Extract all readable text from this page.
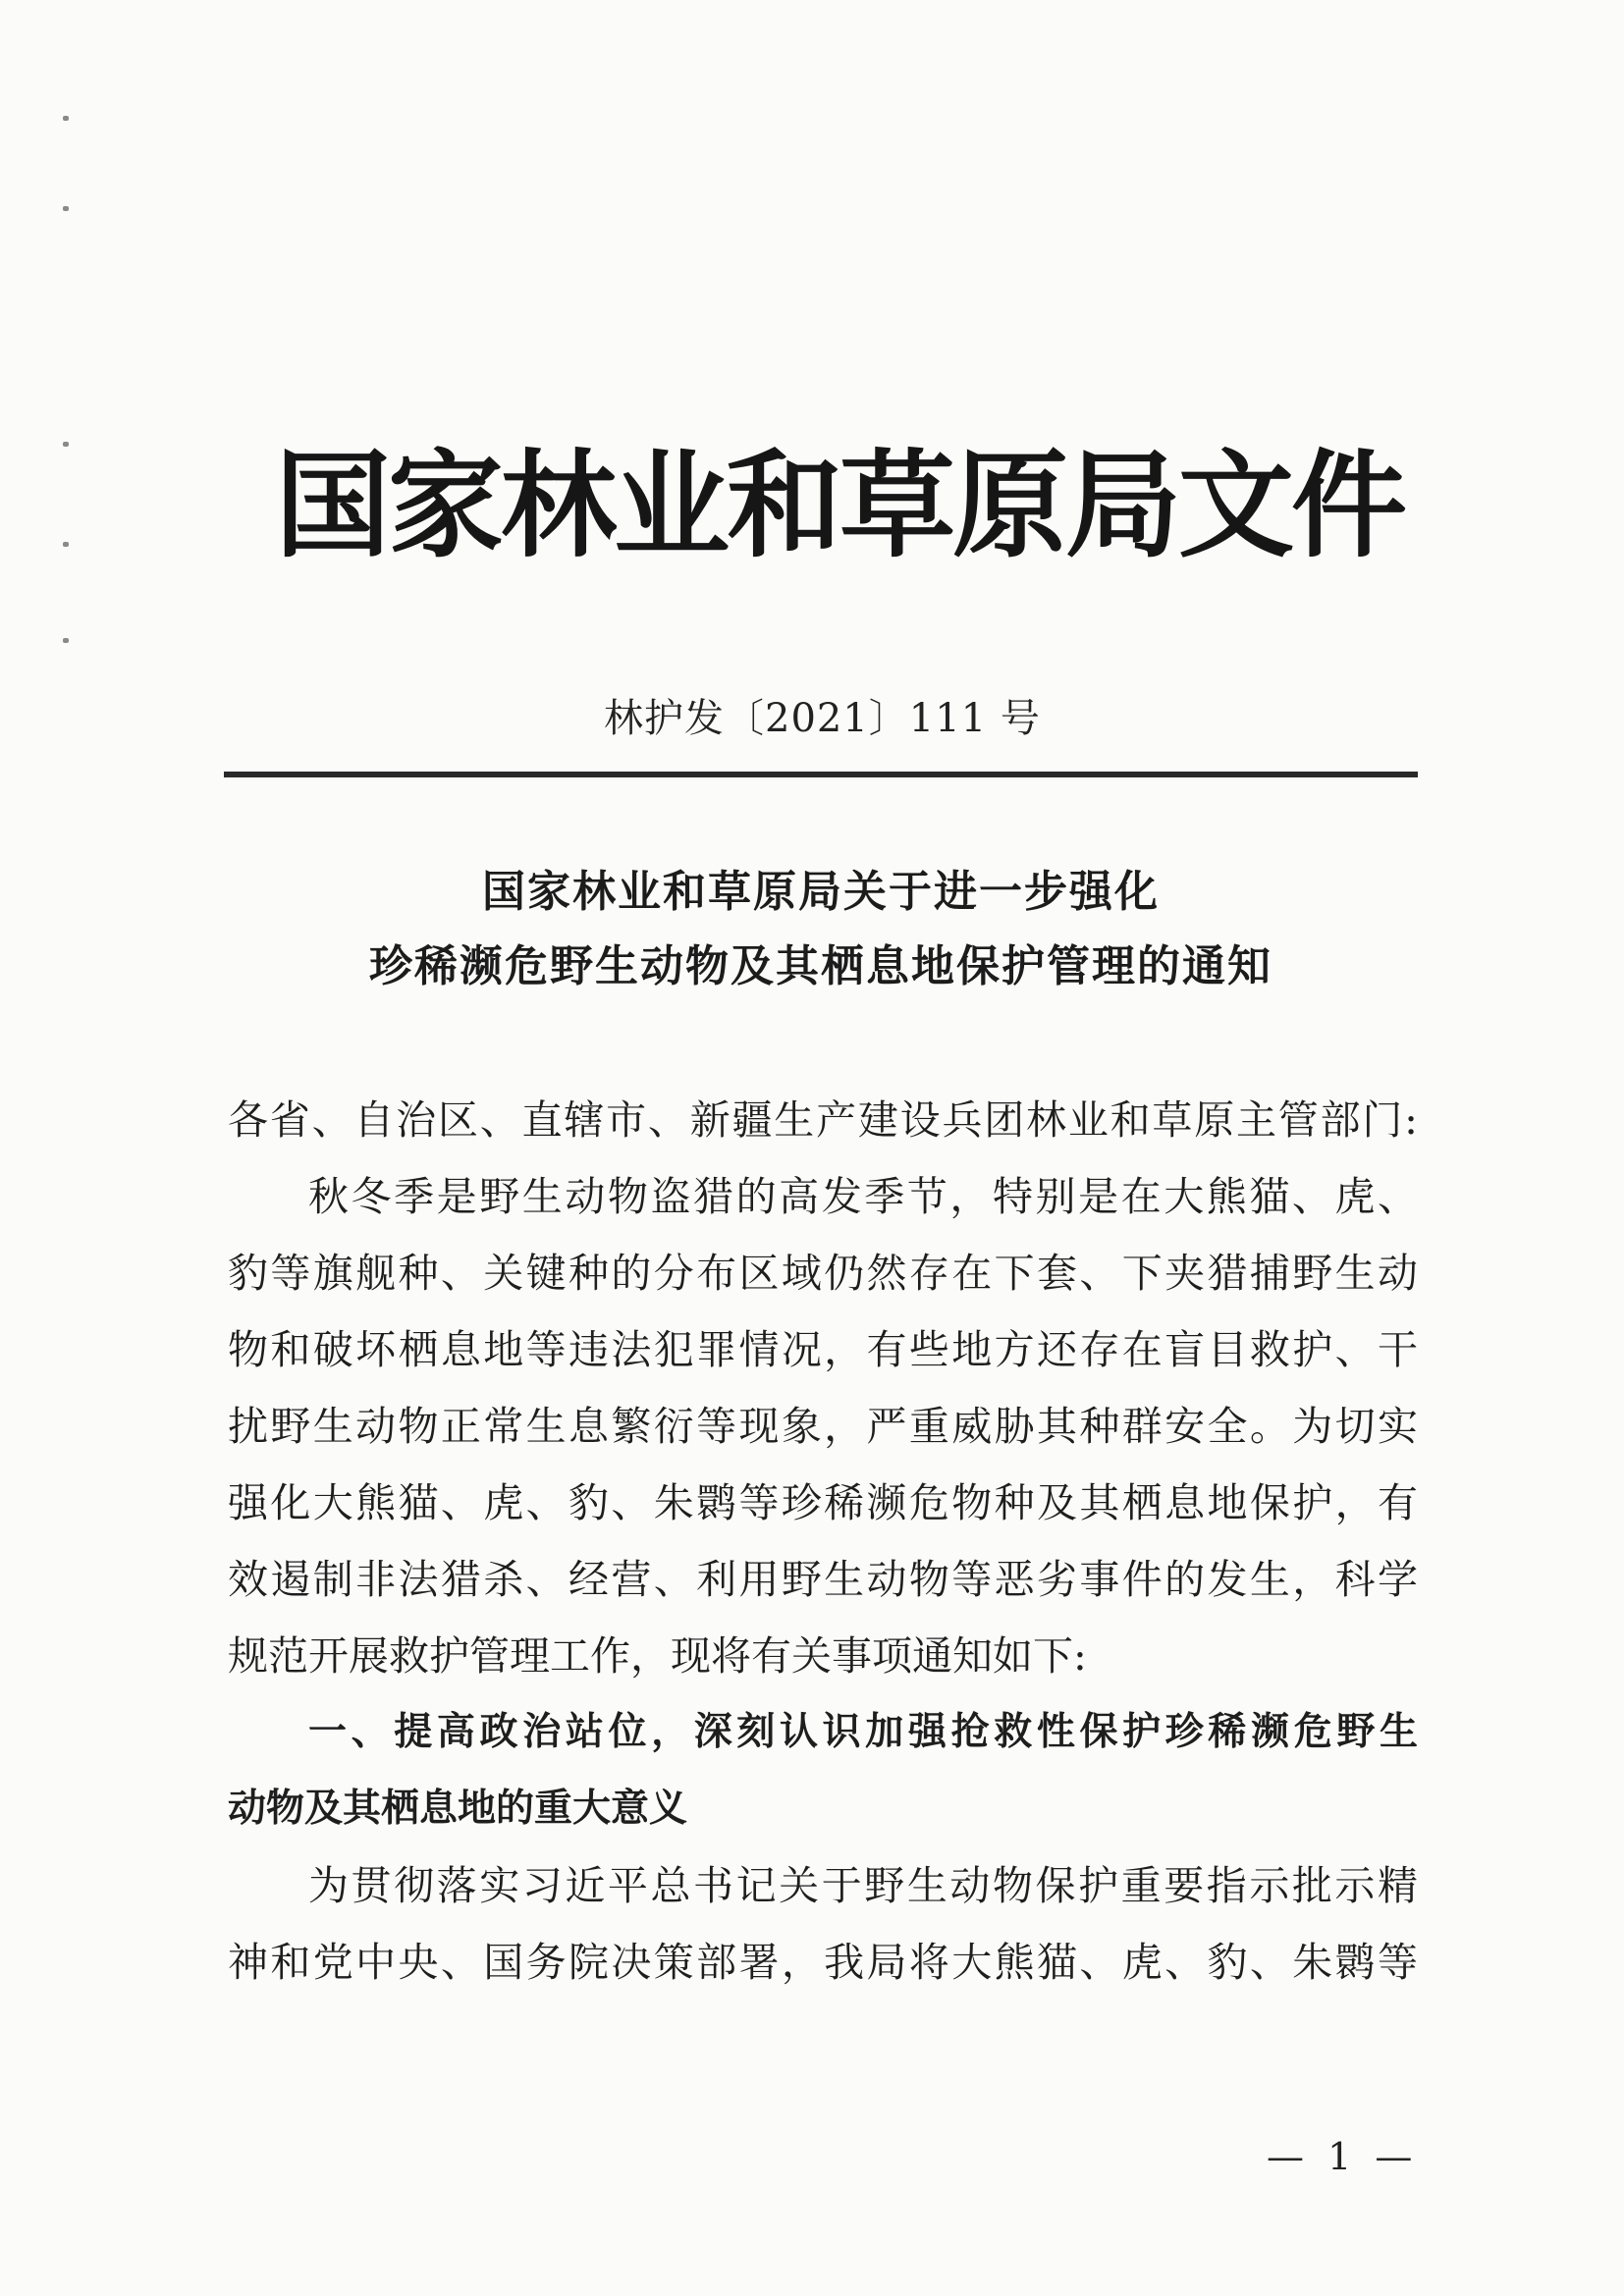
国家林业和草原局文件
林护发〔2021〕111 号
国家林业和草原局关于进一步强化
珍稀濒危野生动物及其栖息地保护管理的通知
各省、自治区、直辖市、新疆生产建设兵团林业和草原主管部门:
秋冬季是野生动物盗猎的高发季节，特别是在大熊猫、虎、
豹等旗舰种、关键种的分布区域仍然存在下套、下夹猎捕野生动
物和破坏栖息地等违法犯罪情况，有些地方还存在盲目救护、干
扰野生动物正常生息繁衍等现象，严重威胁其种群安全。为切实
强化大熊猫、虎、豹、朱鹮等珍稀濒危物种及其栖息地保护，有
效遏制非法猎杀、经营、利用野生动物等恶劣事件的发生，科学
规范开展救护管理工作，现将有关事项通知如下:
一、提高政治站位，深刻认识加强抢救性保护珍稀濒危野生
动物及其栖息地的重大意义
为贯彻落实习近平总书记关于野生动物保护重要指示批示精
神和党中央、国务院决策部署，我局将大熊猫、虎、豹、朱鹮等
— 1 —
